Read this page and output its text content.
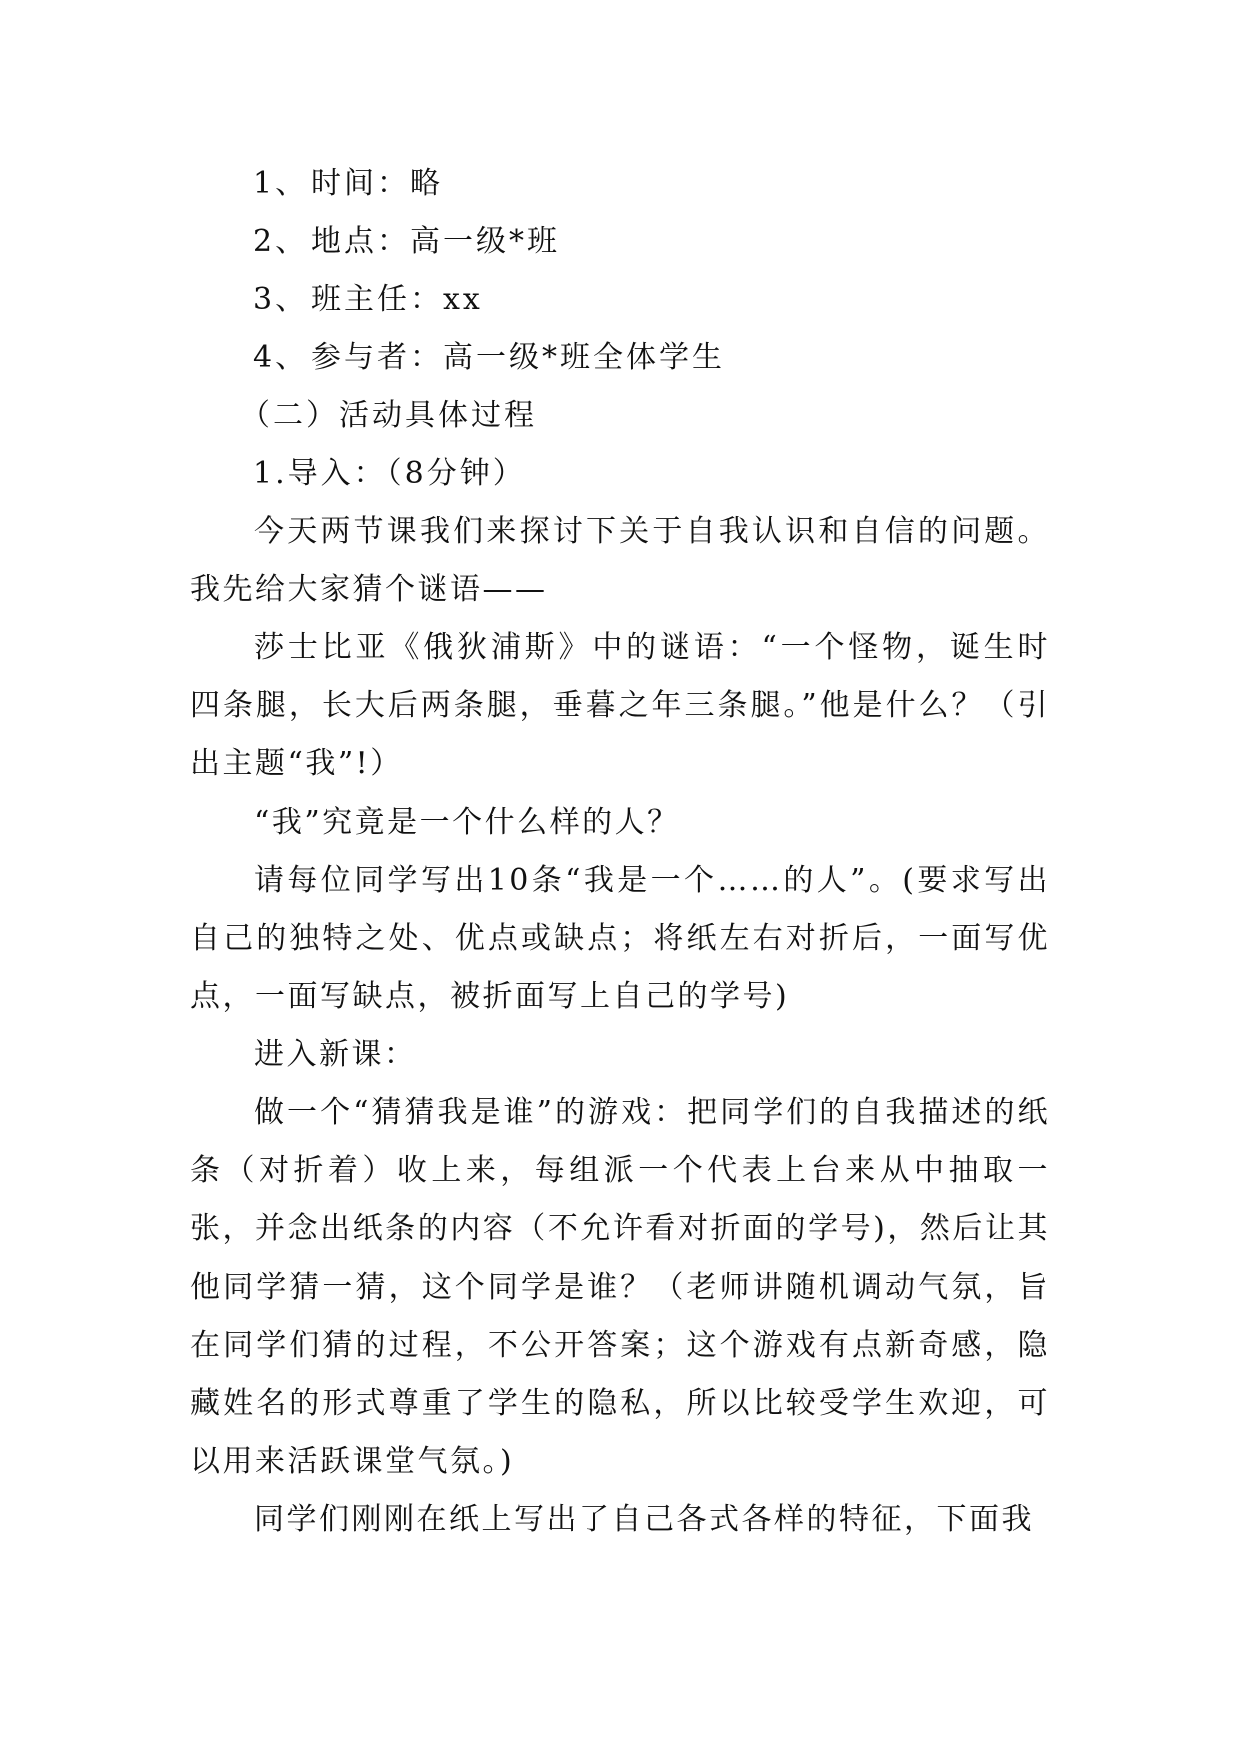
1、时间：略
2、地点：高一级*班
3、班主任：xx
4、参与者：高一级*班全体学生
（二）活动具体过程
1.导入：（8分钟）
今天两节课我们来探讨下关于自我认识和自信的问题。我先给大家猜个谜语——
莎士比亚《俄狄浦斯》中的谜语：“一个怪物，诞生时四条腿，长大后两条腿，垂暮之年三条腿。”他是什么？（引出主题“我”!）
“我”究竟是一个什么样的人？
请每位同学写出10条“我是一个……的人”。(要求写出自己的独特之处、优点或缺点；将纸左右对折后，一面写优点，一面写缺点，被折面写上自己的学号)
进入新课：
做一个“猜猜我是谁”的游戏：把同学们的自我描述的纸条（对折着）收上来，每组派一个代表上台来从中抽取一张，并念出纸条的内容（不允许看对折面的学号)，然后让其他同学猜一猜，这个同学是谁？（老师讲随机调动气氛，旨在同学们猜的过程，不公开答案；这个游戏有点新奇感，隐藏姓名的形式尊重了学生的隐私，所以比较受学生欢迎，可以用来活跃课堂气氛。)
同学们刚刚在纸上写出了自己各式各样的特征，下面我
